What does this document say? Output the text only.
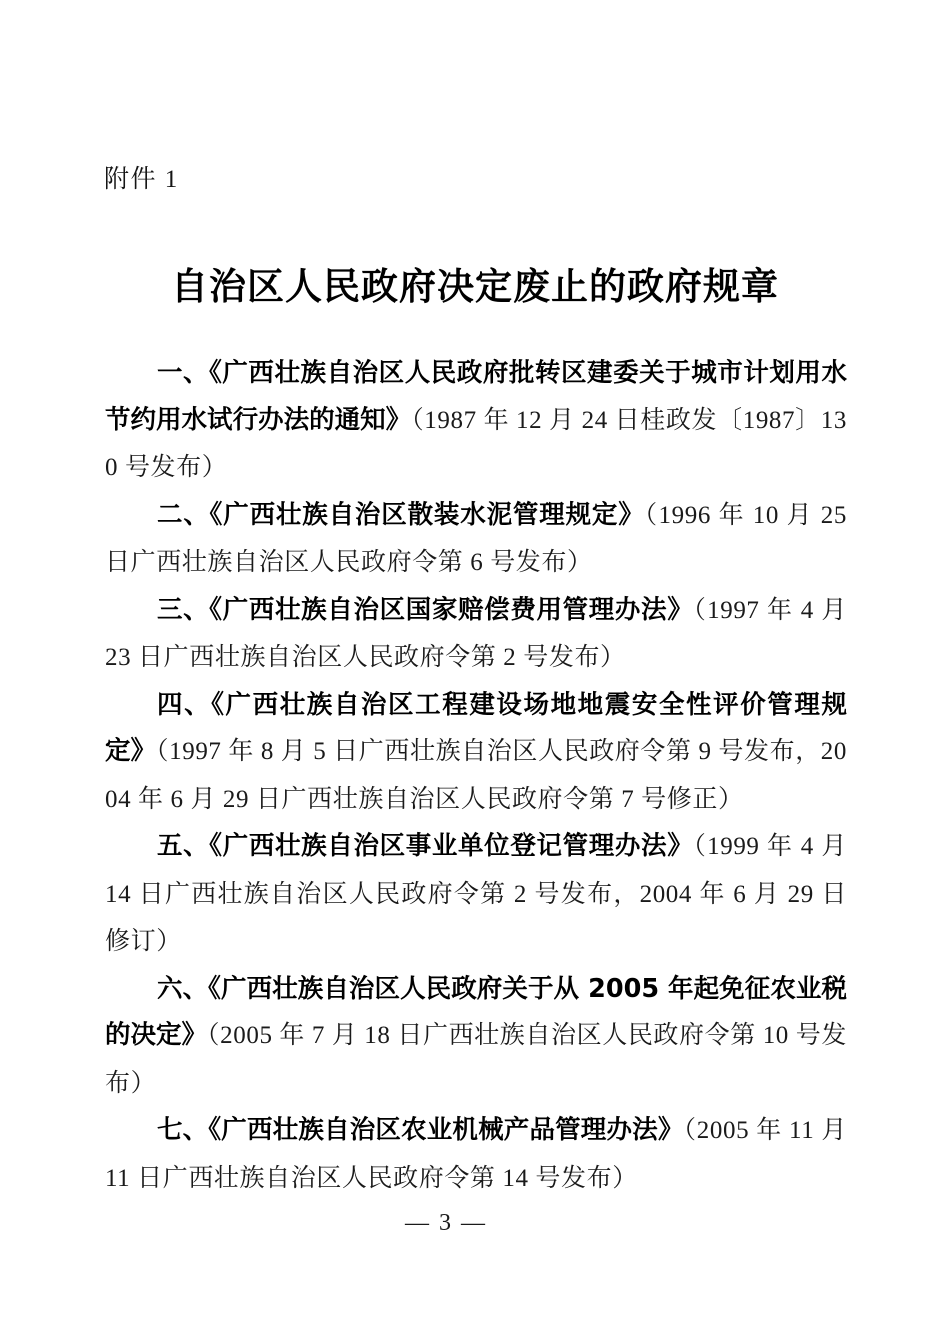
附件 1
自治区人民政府决定废止的政府规章

一、《广西壮族自治区人民政府批转区建委关于城市计划用水节约用水试行办法的通知》（1987 年 12 月 24 日桂政发〔1987〕130 号发布）

二、《广西壮族自治区散装水泥管理规定》（1996 年 10 月 25 日广西壮族自治区人民政府令第 6 号发布）

三、《广西壮族自治区国家赔偿费用管理办法》（1997 年 4 月 23 日广西壮族自治区人民政府令第 2 号发布）

四、《广西壮族自治区工程建设场地地震安全性评价管理规定》（1997 年 8 月 5 日广西壮族自治区人民政府令第 9 号发布，2004 年 6 月 29 日广西壮族自治区人民政府令第 7 号修正）

五、《广西壮族自治区事业单位登记管理办法》（1999 年 4 月 14 日广西壮族自治区人民政府令第 2 号发布，2004 年 6 月 29 日修订）

六、《广西壮族自治区人民政府关于从 2005 年起免征农业税的决定》（2005 年 7 月 18 日广西壮族自治区人民政府令第 10 号发布）

七、《广西壮族自治区农业机械产品管理办法》（2005 年 11 月 11 日广西壮族自治区人民政府令第 14 号发布）

— 3 —
